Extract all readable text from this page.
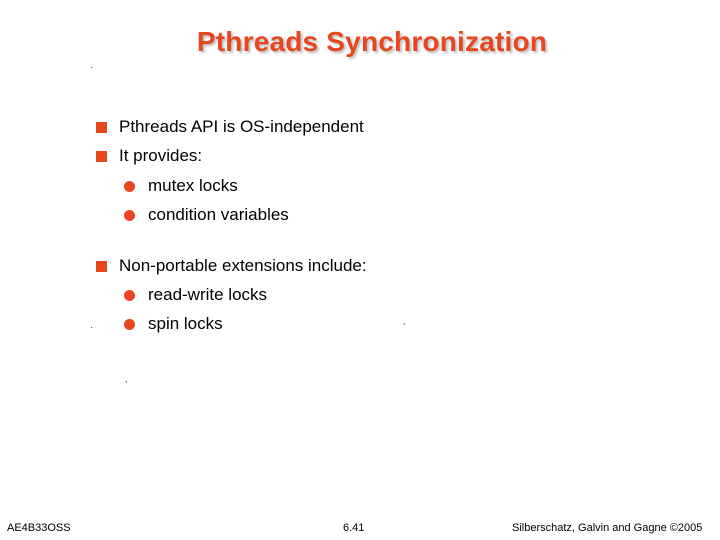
Pthreads Synchronization
·
·	’
’
Pthreads API is OS-independent
It provides:
mutex locks
condition variables
Non-portable extensions include:
read-write locks
spin locks
AE4B33OSS	6.41	Silberschatz, Galvin and Gagne ©2005
